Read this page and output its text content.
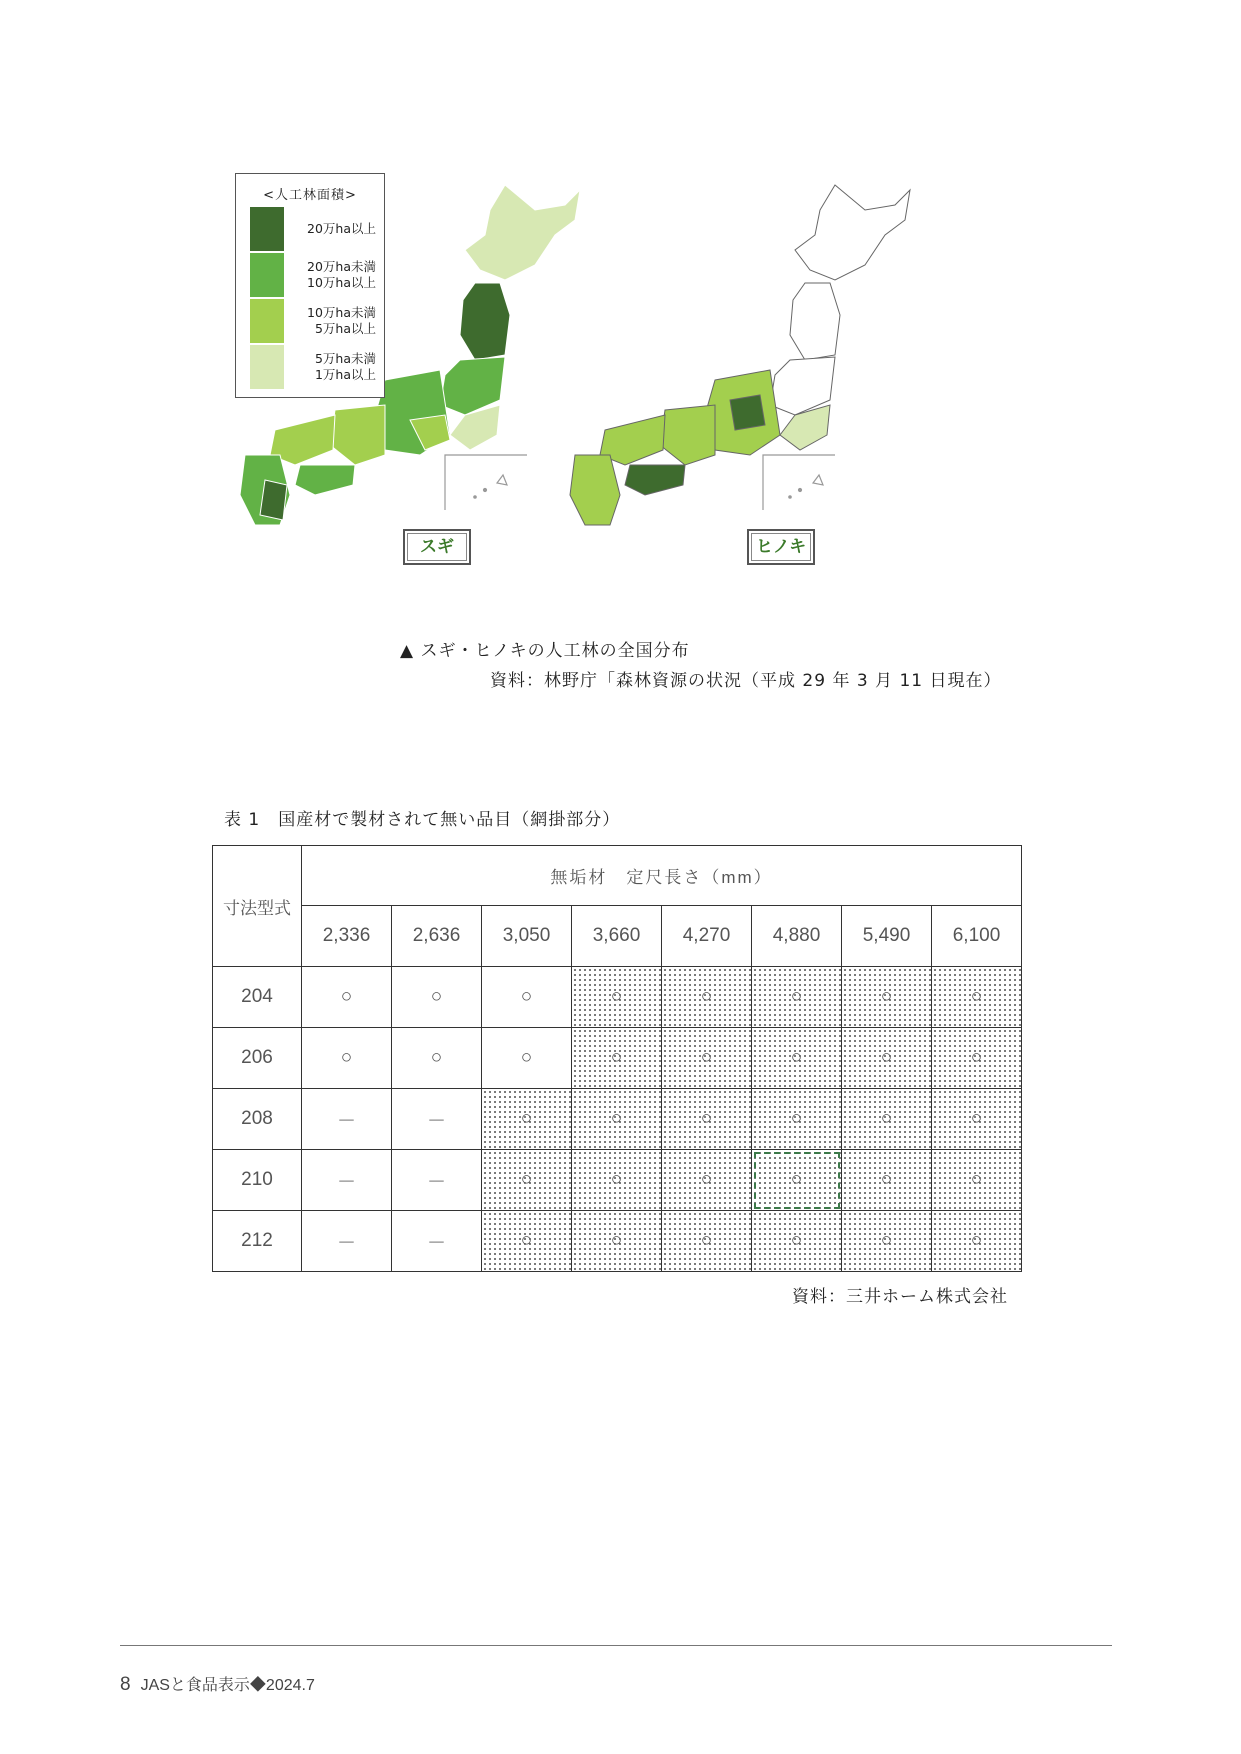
<人工林面積>
20万ha以上
20万ha未満
10万ha以上
10万ha未満
5万ha以上
5万ha未満
1万ha以上
スギ	ヒノキ
▲ スギ・ヒノキの人工林の全国分布
資料：林野庁「森林資源の状況（平成 29 年 3 月 11 日現在）
表 1　国産材で製材されて無い品目（網掛部分）
寸法型式	無垢材　定尺長さ（mm）							
	2,336	2,636	3,050	3,660	4,270	4,880	5,490	6,100
204	○	○	○	○	○	○	○	○
206	○	○	○	○	○	○	○	○
208	－	－	○	○	○	○	○	○
210	－	－	○	○	○	○	○	○
212	－	－	○	○	○	○	○	○
資料：三井ホーム株式会社
8 JASと食品表示◆2024.7
